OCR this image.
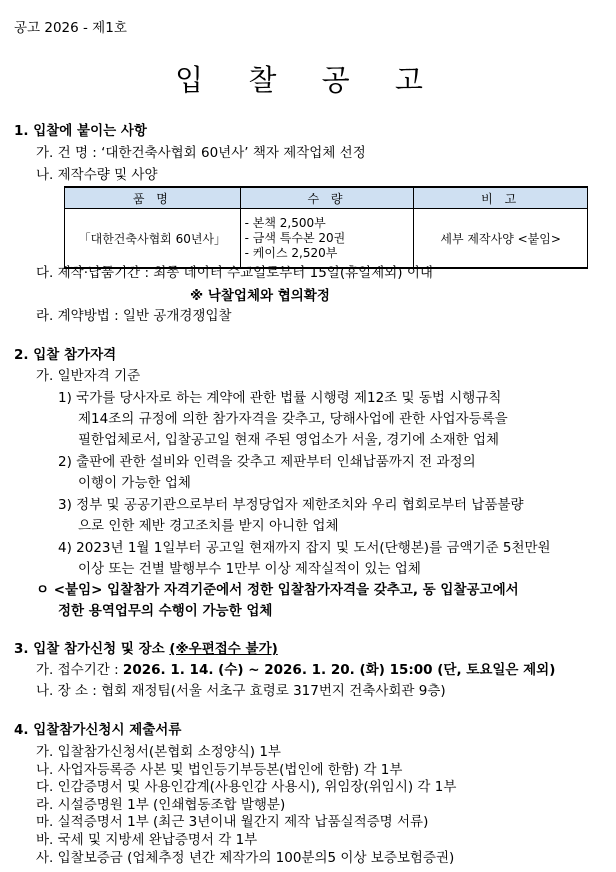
공고 2026 - 제1호
입 찰 공 고
1. 입찰에 붙이는 사항
가. 건 명 : ‘대한건축사협회 60년사’ 책자 제작업체 선정
나. 제작수량 및 사양
품 명	수 량	비 고
｢대한건축사협회 60년사｣	- 본책 2,500부
- 금색 특수본 20권
- 케이스 2,520부	세부 제작사양 <붙임>
다. 제작·납품기간 : 최종 데이터 수교일로부터 15일(휴일제외) 이내
※ 낙찰업체와 협의확정
라. 계약방법 : 일반 공개경쟁입찰
2. 입찰 참가자격
가. 일반자격 기준
1) 국가를 당사자로 하는 계약에 관한 법률 시행령 제12조 및 동법 시행규칙
제14조의 규정에 의한 참가자격을 갖추고, 당해사업에 관한 사업자등록을
필한업체로서, 입찰공고일 현재 주된 영업소가 서울, 경기에 소재한 업체
2) 출판에 관한 설비와 인력을 갖추고 제판부터 인쇄납품까지 전 과정의
이행이 가능한 업체
3) 정부 및 공공기관으로부터 부정당업자 제한조치와 우리 협회로부터 납품불량
으로 인한 제반 경고조치를 받지 아니한 업체
4) 2023년 1월 1일부터 공고일 현재까지 잡지 및 도서(단행본)를 금액기준 5천만원
이상 또는 건별 발행부수 1만부 이상 제작실적이 있는 업체
ㅇ <붙임> 입찰참가 자격기준에서 정한 입찰참가자격을 갖추고, 동 입찰공고에서
정한 용역업무의 수행이 가능한 업체
3. 입찰 참가신청 및 장소 (※우편접수 불가)
가. 접수기간 : 2026. 1. 14. (수) ~ 2026. 1. 20. (화) 15:00 (단, 토요일은 제외)
나. 장 소 : 협회 재정팀(서울 서초구 효령로 317번지 건축사회관 9층)
4. 입찰참가신청시 제출서류
가. 입찰참가신청서(본협회 소정양식) 1부
나. 사업자등록증 사본 및 법인등기부등본(법인에 한함) 각 1부
다. 인감증명서 및 사용인감계(사용인감 사용시), 위임장(위임시) 각 1부
라. 시설증명원 1부 (인쇄협동조합 발행분)
마. 실적증명서 1부 (최근 3년이내 월간지 제작 납품실적증명 서류)
바. 국세 및 지방세 완납증명서 각 1부
사. 입찰보증금 (업체추정 년간 제작가의 100분의5 이상 보증보험증권)
